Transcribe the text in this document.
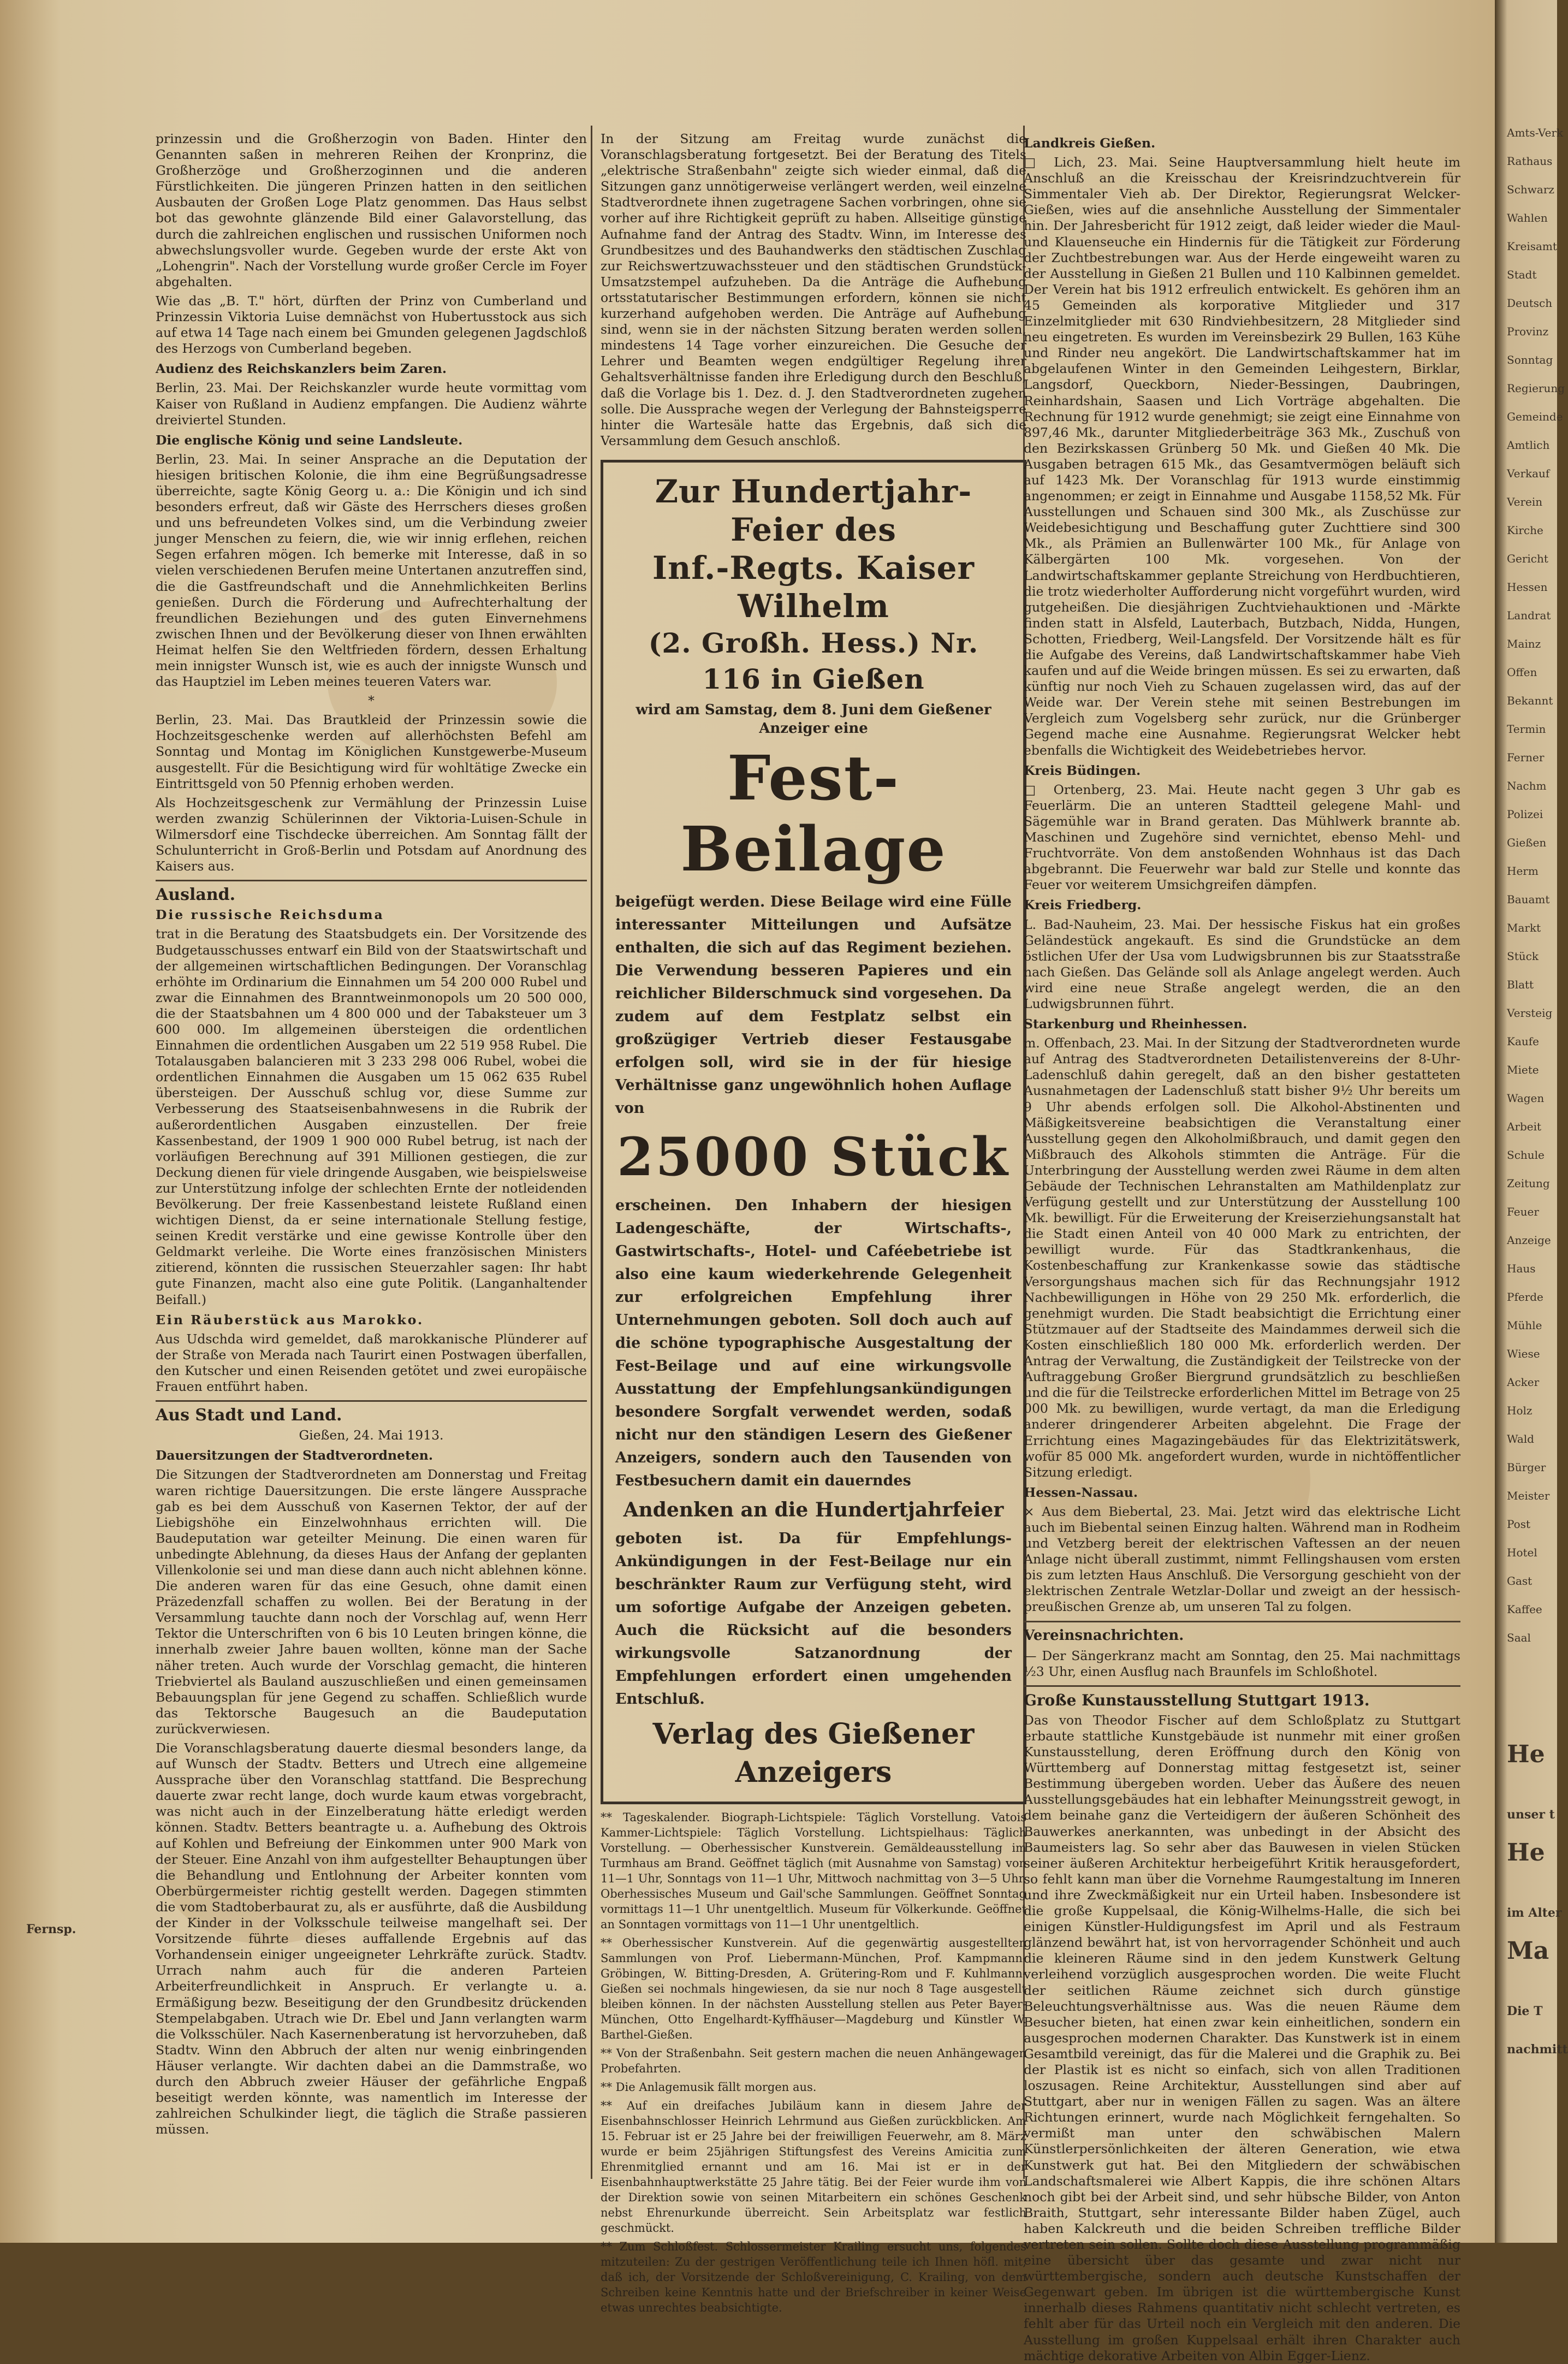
Fernsp.

prinzessin und die Großherzogin von Baden. Hinter den Genannten saßen in mehreren Reihen der Kronprinz, die Großherzöge und Großherzoginnen und die anderen Fürstlichkeiten. Die jüngeren Prinzen hatten in den seitlichen Ausbauten der Großen Loge Platz genommen. Das Haus selbst bot das gewohnte glänzende Bild einer Galavorstellung, das durch die zahlreichen englischen und russischen Uniformen noch abwechslungsvoller wurde. Gegeben wurde der erste Akt von „Lohengrin". Nach der Vorstellung wurde großer Cercle im Foyer abgehalten.

Wie das „B. T." hört, dürften der Prinz von Cumberland und Prinzessin Viktoria Luise demnächst von Hubertusstock aus sich auf etwa 14 Tage nach einem bei Gmunden gelegenen Jagdschloß des Herzogs von Cumberland begeben.

Audienz des Reichskanzlers beim Zaren.

Berlin, 23. Mai. Der Reichskanzler wurde heute vormittag vom Kaiser von Rußland in Audienz empfangen. Die Audienz währte dreiviertel Stunden.

Die englische König und seine Landsleute.

Berlin, 23. Mai. In seiner Ansprache an die Deputation der hiesigen britischen Kolonie, die ihm eine Begrüßungsadresse überreichte, sagte König Georg u. a.: Die Königin und ich sind besonders erfreut, daß wir Gäste des Herrschers dieses großen und uns befreundeten Volkes sind, um die Verbindung zweier junger Menschen zu feiern, die, wie wir innig erflehen, reichen Segen erfahren mögen. Ich bemerke mit Interesse, daß in so vielen verschiedenen Berufen meine Untertanen anzutreffen sind, die die Gastfreundschaft und die Annehmlichkeiten Berlins genießen. Durch die Förderung und Aufrechterhaltung der freundlichen Beziehungen und des guten Einvernehmens zwischen Ihnen und der Bevölkerung dieser von Ihnen erwählten Heimat helfen Sie den Weltfrieden fördern, dessen Erhaltung mein innigster Wunsch ist, wie es auch der innigste Wunsch und das Hauptziel im Leben meines teueren Vaters war.

*

Berlin, 23. Mai. Das Brautkleid der Prinzessin sowie die Hochzeitsgeschenke werden auf allerhöchsten Befehl am Sonntag und Montag im Königlichen Kunstgewerbe-Museum ausgestellt. Für die Besichtigung wird für wohltätige Zwecke ein Eintrittsgeld von 50 Pfennig erhoben werden.

Als Hochzeitsgeschenk zur Vermählung der Prinzessin Luise werden zwanzig Schülerinnen der Viktoria-Luisen-Schule in Wilmersdorf eine Tischdecke überreichen. Am Sonntag fällt der Schulunterricht in Groß-Berlin und Potsdam auf Anordnung des Kaisers aus.

Ausland.

Die russische Reichsduma

trat in die Beratung des Staatsbudgets ein. Der Vorsitzende des Budgetausschusses entwarf ein Bild von der Staatswirtschaft und der allgemeinen wirtschaftlichen Bedingungen. Der Voranschlag erhöhte im Ordinarium die Einnahmen um 54 200 000 Rubel und zwar die Einnahmen des Branntweinmonopols um 20 500 000, die der Staatsbahnen um 4 800 000 und der Tabaksteuer um 3 600 000. Im allgemeinen übersteigen die ordentlichen Einnahmen die ordentlichen Ausgaben um 22 519 958 Rubel. Die Totalausgaben balancieren mit 3 233 298 006 Rubel, wobei die ordentlichen Einnahmen die Ausgaben um 15 062 635 Rubel übersteigen. Der Ausschuß schlug vor, diese Summe zur Verbesserung des Staatseisenbahnwesens in die Rubrik der außerordentlichen Ausgaben einzustellen. Der freie Kassenbestand, der 1909 1 900 000 Rubel betrug, ist nach der vorläufigen Berechnung auf 391 Millionen gestiegen, die zur Deckung dienen für viele dringende Ausgaben, wie beispielsweise zur Unterstützung infolge der schlechten Ernte der notleidenden Bevölkerung. Der freie Kassenbestand leistete Rußland einen wichtigen Dienst, da er seine internationale Stellung festige, seinen Kredit verstärke und eine gewisse Kontrolle über den Geldmarkt verleihe. Die Worte eines französischen Ministers zitierend, könnten die russischen Steuerzahler sagen: Ihr habt gute Finanzen, macht also eine gute Politik. (Langanhaltender Beifall.)

Ein Räuberstück aus Marokko.

Aus Udschda wird gemeldet, daß marokkanische Plünderer auf der Straße von Merada nach Taurirt einen Postwagen überfallen, den Kutscher und einen Reisenden getötet und zwei europäische Frauen entführt haben.

Aus Stadt und Land.

Gießen, 24. Mai 1913.

Dauersitzungen der Stadtverordneten.

Die Sitzungen der Stadtverordneten am Donnerstag und Freitag waren richtige Dauersitzungen. Die erste längere Aussprache gab es bei dem Ausschuß von Kasernen Tektor, der auf der Liebigshöhe ein Einzelwohnhaus errichten will. Die Baudeputation war geteilter Meinung. Die einen waren für unbedingte Ablehnung, da dieses Haus der Anfang der geplanten Villenkolonie sei und man diese dann auch nicht ablehnen könne. Die anderen waren für das eine Gesuch, ohne damit einen Präzedenzfall schaffen zu wollen. Bei der Beratung in der Versammlung tauchte dann noch der Vorschlag auf, wenn Herr Tektor die Unterschriften von 6 bis 10 Leuten bringen könne, die innerhalb zweier Jahre bauen wollten, könne man der Sache näher treten. Auch wurde der Vorschlag gemacht, die hinteren Triebviertel als Bauland auszuschließen und einen gemeinsamen Bebauungsplan für jene Gegend zu schaffen. Schließlich wurde das Tektorsche Baugesuch an die Baudeputation zurückverwiesen.

Die Voranschlagsberatung dauerte diesmal besonders lange, da auf Wunsch der Stadtv. Betters und Utrech eine allgemeine Aussprache über den Voranschlag stattfand. Die Besprechung dauerte zwar recht lange, doch wurde kaum etwas vorgebracht, was nicht auch in der Einzelberatung hätte erledigt werden können. Stadtv. Betters beantragte u. a. Aufhebung des Oktrois auf Kohlen und Befreiung der Einkommen unter 900 Mark von der Steuer. Eine Anzahl von ihm aufgestellter Behauptungen über die Behandlung und Entlohnung der Arbeiter konnten vom Oberbürgermeister richtig gestellt werden. Dagegen stimmten die vom Stadtoberbaurat zu, als er ausführte, daß die Ausbildung der Kinder in der Volksschule teilweise mangelhaft sei. Der Vorsitzende führte dieses auffallende Ergebnis auf das Vorhandensein einiger ungeeigneter Lehrkräfte zurück. Stadtv. Urrach nahm auch für die anderen Parteien Arbeiterfreundlichkeit in Anspruch. Er verlangte u. a. Ermäßigung bezw. Beseitigung der den Grundbesitz drückenden Stempelabgaben. Utrach wie Dr. Ebel und Jann verlangten warm die Volksschüler. Nach Kasernenberatung ist hervorzuheben, daß Stadtv. Winn den Abbruch der alten nur wenig einbringenden Häuser verlangte. Wir dachten dabei an die Dammstraße, wo durch den Abbruch zweier Häuser der gefährliche Engpaß beseitigt werden könnte, was namentlich im Interesse der zahlreichen Schulkinder liegt, die täglich die Straße passieren müssen.

In der Sitzung am Freitag wurde zunächst die Voranschlagsberatung fortgesetzt. Bei der Beratung des Titels „elektrische Straßenbahn" zeigte sich wieder einmal, daß die Sitzungen ganz unnötigerweise verlängert werden, weil einzelne Stadtverordnete ihnen zugetragene Sachen vorbringen, ohne sie vorher auf ihre Richtigkeit geprüft zu haben. Allseitige günstige Aufnahme fand der Antrag des Stadtv. Winn, im Interesse des Grundbesitzes und des Bauhandwerks den städtischen Zuschlag zur Reichswertzuwachssteuer und den städtischen Grundstück-Umsatzstempel aufzuheben. Da die Anträge die Aufhebung ortsstatutarischer Bestimmungen erfordern, können sie nicht kurzerhand aufgehoben werden. Die Anträge auf Aufhebung sind, wenn sie in der nächsten Sitzung beraten werden sollen, mindestens 14 Tage vorher einzureichen. Die Gesuche der Lehrer und Beamten wegen endgültiger Regelung ihrer Gehaltsverhältnisse fanden ihre Erledigung durch den Beschluß, daß die Vorlage bis 1. Dez. d. J. den Stadtverordneten zugehen solle. Die Aussprache wegen der Verlegung der Bahnsteigsperre hinter die Wartesäle hatte das Ergebnis, daß sich die Versammlung dem Gesuch anschloß.

Zur Hundertjahr-Feier des
Inf.-Regts. Kaiser Wilhelm
(2. Großh. Hess.) Nr. 116 in Gießen
wird am Samstag, dem 8. Juni dem Gießener Anzeiger eine
Fest-Beilage
beigefügt werden. Diese Beilage wird eine Fülle interessanter Mitteilungen und Aufsätze enthalten, die sich auf das Regiment beziehen. Die Verwendung besseren Papieres und ein reichlicher Bilderschmuck sind vorgesehen. Da zudem auf dem Festplatz selbst ein großzügiger Vertrieb dieser Festausgabe erfolgen soll, wird sie in der für hiesige Verhältnisse ganz ungewöhnlich hohen Auflage von
25000 Stück
erscheinen. Den Inhabern der hiesigen Ladengeschäfte, der Wirtschafts-, Gastwirtschafts-, Hotel- und Caféebetriebe ist also eine kaum wiederkehrende Gelegenheit zur erfolgreichen Empfehlung ihrer Unternehmungen geboten. Soll doch auch auf die schöne typographische Ausgestaltung der Fest-Beilage und auf eine wirkungsvolle Ausstattung der Empfehlungsankündigungen besondere Sorgfalt verwendet werden, sodaß nicht nur den ständigen Lesern des Gießener Anzeigers, sondern auch den Tausenden von Festbesuchern damit ein dauerndes
Andenken an die Hundertjahrfeier
geboten ist. Da für Empfehlungs-Ankündigungen in der Fest-Beilage nur ein beschränkter Raum zur Verfügung steht, wird um sofortige Aufgabe der Anzeigen gebeten. Auch die Rücksicht auf die besonders wirkungsvolle Satzanordnung der Empfehlungen erfordert einen umgehenden Entschluß.
Verlag des Gießener Anzeigers

** Tageskalender. Biograph-Lichtspiele: Täglich Vorstellung. Vatois Kammer-Lichtspiele: Täglich Vorstellung. Lichtspielhaus: Täglich Vorstellung. — Oberhessischer Kunstverein. Gemäldeausstellung im Turmhaus am Brand. Geöffnet täglich (mit Ausnahme von Samstag) von 11—1 Uhr, Sonntags von 11—1 Uhr, Mittwoch nachmittag von 3—5 Uhr. Oberhessisches Museum und Gail'sche Sammlungen. Geöffnet Sonntag vormittags 11—1 Uhr unentgeltlich. Museum für Völkerkunde. Geöffnet an Sonntagen vormittags von 11—1 Uhr unentgeltlich.

** Oberhessischer Kunstverein. Auf die gegenwärtig ausgestellten Sammlungen von Prof. Liebermann-München, Prof. Kampmann-Gröbingen, W. Bitting-Dresden, A. Grütering-Rom und F. Kuhlmann-Gießen sei nochmals hingewiesen, da sie nur noch 8 Tage ausgestellt bleiben können. In der nächsten Ausstellung stellen aus Peter Bayer-München, Otto Engelhardt-Kyffhäuser—Magdeburg und Künstler W. Barthel-Gießen.

** Von der Straßenbahn. Seit gestern machen die neuen Anhängewagen Probefahrten.

** Die Anlagemusik fällt morgen aus.

** Auf ein dreifaches Jubiläum kann in diesem Jahre der Eisenbahnschlosser Heinrich Lehrmund aus Gießen zurückblicken. Am 15. Februar ist er 25 Jahre bei der freiwilligen Feuerwehr, am 8. März wurde er beim 25jährigen Stiftungsfest des Vereins Amicitia zum Ehrenmitglied ernannt und am 16. Mai ist er in der Eisenbahnhauptwerkstätte 25 Jahre tätig. Bei der Feier wurde ihm von der Direktion sowie von seinen Mitarbeitern ein schönes Geschenk nebst Ehrenurkunde überreicht. Sein Arbeitsplatz war festlich geschmückt.

** Zum Schloßfest. Schlossermeister Krailing ersucht uns, folgendes mitzuteilen: Zu der gestrigen Veröffentlichung teile ich Ihnen höfl. mit, daß ich, der Vorsitzende der Schloßvereinigung, C. Krailing, von dem Schreiben keine Kenntnis hatte und der Briefschreiber in keiner Weise etwas unrechtes beabsichtigte.

Landkreis Gießen.

□ Lich, 23. Mai. Seine Hauptversammlung hielt heute im Anschluß an die Kreisschau der Kreisrindzuchtverein für Simmentaler Vieh ab. Der Direktor, Regierungsrat Welcker-Gießen, wies auf die ansehnliche Ausstellung der Simmentaler hin. Der Jahresbericht für 1912 zeigt, daß leider wieder die Maul- und Klauenseuche ein Hindernis für die Tätigkeit zur Förderung der Zuchtbestrebungen war. Aus der Herde eingeweiht waren zu der Ausstellung in Gießen 21 Bullen und 110 Kalbinnen gemeldet. Der Verein hat bis 1912 erfreulich entwickelt. Es gehören ihm an 45 Gemeinden als korporative Mitglieder und 317 Einzelmitglieder mit 630 Rindviehbesitzern, 28 Mitglieder sind neu eingetreten. Es wurden im Vereinsbezirk 29 Bullen, 163 Kühe und Rinder neu angekört. Die Landwirtschaftskammer hat im abgelaufenen Winter in den Gemeinden Leihgestern, Birklar, Langsdorf, Queckborn, Nieder-Bessingen, Daubringen, Reinhardshain, Saasen und Lich Vorträge abgehalten. Die Rechnung für 1912 wurde genehmigt; sie zeigt eine Einnahme von 897,46 Mk., darunter Mitgliederbeiträge 363 Mk., Zuschuß von den Bezirkskassen Grünberg 50 Mk. und Gießen 40 Mk. Die Ausgaben betragen 615 Mk., das Gesamtvermögen beläuft sich auf 1423 Mk. Der Voranschlag für 1913 wurde einstimmig angenommen; er zeigt in Einnahme und Ausgabe 1158,52 Mk. Für Ausstellungen und Schauen sind 300 Mk., als Zuschüsse zur Weidebesichtigung und Beschaffung guter Zuchttiere sind 300 Mk., als Prämien an Bullenwärter 100 Mk., für Anlage von Kälbergärten 100 Mk. vorgesehen. Von der Landwirtschaftskammer geplante Streichung von Herdbuchtieren, die trotz wiederholter Aufforderung nicht vorgeführt wurden, wird gutgeheißen. Die diesjährigen Zuchtviehauktionen und -Märkte finden statt in Alsfeld, Lauterbach, Butzbach, Nidda, Hungen, Schotten, Friedberg, Weil-Langsfeld. Der Vorsitzende hält es für die Aufgabe des Vereins, daß Landwirtschaftskammer habe Vieh kaufen und auf die Weide bringen müssen. Es sei zu erwarten, daß künftig nur noch Vieh zu Schauen zugelassen wird, das auf der Weide war. Der Verein stehe mit seinen Bestrebungen im Vergleich zum Vogelsberg sehr zurück, nur die Grünberger Gegend mache eine Ausnahme. Regierungsrat Welcker hebt ebenfalls die Wichtigkeit des Weidebetriebes hervor.

Kreis Büdingen.

□ Ortenberg, 23. Mai. Heute nacht gegen 3 Uhr gab es Feuerlärm. Die an unteren Stadtteil gelegene Mahl- und Sägemühle war in Brand geraten. Das Mühlwerk brannte ab. Maschinen und Zugehöre sind vernichtet, ebenso Mehl- und Fruchtvorräte. Von dem anstoßenden Wohnhaus ist das Dach abgebrannt. Die Feuerwehr war bald zur Stelle und konnte das Feuer vor weiterem Umsichgreifen dämpfen.

Kreis Friedberg.

L. Bad-Nauheim, 23. Mai. Der hessische Fiskus hat ein großes Geländestück angekauft. Es sind die Grundstücke an dem östlichen Ufer der Usa vom Ludwigsbrunnen bis zur Staatsstraße nach Gießen. Das Gelände soll als Anlage angelegt werden. Auch wird eine neue Straße angelegt werden, die an den Ludwigsbrunnen führt.

Starkenburg und Rheinhessen.

m. Offenbach, 23. Mai. In der Sitzung der Stadtverordneten wurde auf Antrag des Stadtverordneten Detailistenvereins der 8-Uhr-Ladenschluß dahin geregelt, daß an den bisher gestatteten Ausnahmetagen der Ladenschluß statt bisher 9½ Uhr bereits um 9 Uhr abends erfolgen soll. Die Alkohol-Abstinenten und Mäßigkeitsvereine beabsichtigen die Veranstaltung einer Ausstellung gegen den Alkoholmißbrauch, und damit gegen den Mißbrauch des Alkohols stimmten die Anträge. Für die Unterbringung der Ausstellung werden zwei Räume in dem alten Gebäude der Technischen Lehranstalten am Mathildenplatz zur Verfügung gestellt und zur Unterstützung der Ausstellung 100 Mk. bewilligt. Für die Erweiterung der Kreiserziehungsanstalt hat die Stadt einen Anteil von 40 000 Mark zu entrichten, der bewilligt wurde. Für das Stadtkrankenhaus, die Kostenbeschaffung zur Krankenkasse sowie das städtische Versorgungshaus machen sich für das Rechnungsjahr 1912 Nachbewilligungen in Höhe von 29 250 Mk. erforderlich, die genehmigt wurden. Die Stadt beabsichtigt die Errichtung einer Stützmauer auf der Stadtseite des Maindammes derweil sich die Kosten einschließlich 180 000 Mk. erforderlich werden. Der Antrag der Verwaltung, die Zuständigkeit der Teilstrecke von der Auftraggebung Großer Biergrund grundsätzlich zu beschließen und die für die Teilstrecke erforderlichen Mittel im Betrage von 25 000 Mk. zu bewilligen, wurde vertagt, da man die Erledigung anderer dringenderer Arbeiten abgelehnt. Die Frage der Errichtung eines Magazingebäudes für das Elektrizitätswerk, wofür 85 000 Mk. angefordert wurden, wurde in nichtöffentlicher Sitzung erledigt.

Hessen-Nassau.

× Aus dem Biebertal, 23. Mai. Jetzt wird das elektrische Licht auch im Biebental seinen Einzug halten. Während man in Rodheim und Vetzberg bereit der elektrischen Vaftessen an der neuen Anlage nicht überall zustimmt, nimmt Fellingshausen vom ersten bis zum letzten Haus Anschluß. Die Versorgung geschieht von der elektrischen Zentrale Wetzlar-Dollar und zweigt an der hessisch-preußischen Grenze ab, um unseren Tal zu folgen.

Vereinsnachrichten.

— Der Sängerkranz macht am Sonntag, den 25. Mai nachmittags ½3 Uhr, einen Ausflug nach Braunfels im Schloßhotel.

Große Kunstausstellung Stuttgart 1913.

Das von Theodor Fischer auf dem Schloßplatz zu Stuttgart erbaute stattliche Kunstgebäude ist nunmehr mit einer großen Kunstausstellung, deren Eröffnung durch den König von Württemberg auf Donnerstag mittag festgesetzt ist, seiner Bestimmung übergeben worden. Ueber das Äußere des neuen Ausstellungsgebäudes hat ein lebhafter Meinungsstreit gewogt, in dem beinahe ganz die Verteidigern der äußeren Schönheit des Bauwerkes anerkannten, was unbedingt in der Absicht des Baumeisters lag. So sehr aber das Bauwesen in vielen Stücken seiner äußeren Architektur herbeigeführt Kritik herausgefordert, so fehlt kann man über die Vornehme Raumgestaltung im Inneren und ihre Zweckmäßigkeit nur ein Urteil haben. Insbesondere ist die große Kuppelsaal, die König-Wilhelms-Halle, die sich bei einigen Künstler-Huldigungsfest im April und als Festraum glänzend bewährt hat, ist von hervorragender Schönheit und auch die kleineren Räume sind in den jedem Kunstwerk Geltung verleihend vorzüglich ausgesprochen worden. Die weite Flucht der seitlichen Räume zeichnet sich durch günstige Beleuchtungsverhältnisse aus. Was die neuen Räume dem Besucher bieten, hat einen zwar kein einheitlichen, sondern ein ausgesprochen modernen Charakter. Das Kunstwerk ist in einem Gesamtbild vereinigt, das für die Malerei und die Graphik zu. Bei der Plastik ist es nicht so einfach, sich von allen Traditionen loszusagen. Reine Architektur, Ausstellungen sind aber auf Stuttgart, aber nur in wenigen Fällen zu sagen. Was an ältere Richtungen erinnert, wurde nach Möglichkeit ferngehalten. So vermißt man unter den schwäbischen Malern Künstlerpersönlichkeiten der älteren Generation, wie etwa Kunstwerk gut hat. Bei den Mitgliedern der schwäbischen Landschaftsmalerei wie Albert Kappis, die ihre schönen Altars noch gibt bei der Arbeit sind, und sehr hübsche Bilder, von Anton Braith, Stuttgart, sehr interessante Bilder haben Zügel, auch haben Kalckreuth und die beiden Schreiben treffliche Bilder vertreten sein sollen. Sollte doch diese Ausstellung programmäßig eine übersicht über das gesamte und zwar nicht nur württembergische, sondern auch deutsche Kunstschaffen der Gegenwart geben. Im übrigen ist die württembergische Kunst innerhalb dieses Rahmens quantitativ nicht schlecht vertreten, es fehlt aber für das Urteil noch ein Vergleich mit den anderen. Die Ausstellung im großen Kuppelsaal erhält ihren Charakter auch mächtige dekorative Arbeiten von Albin Egger-Lienz.

Amts-Verk
Rathaus
Schwarz
Wahlen
Kreisamt
Stadt
Deutsch
Provinz
Sonntag
Regierung
Gemeinde
Amtlich
Verkauf
Verein
Kirche
Gericht
Hessen
Landrat
Mainz
Offen
Bekannt
Termin
Ferner
Nachm
Polizei
Gießen
Herm
Bauamt
Markt
Stück
Blatt
Versteig
Kaufe
Miete
Wagen
Arbeit
Schule
Zeitung
Feuer
Anzeige
Haus
Pferde
Mühle
Wiese
Acker
Holz
Wald
Bürger
Meister
Post
Hotel
Gast
Kaffee
Saal
He
unser t
He
im Alter
Ma
Die T
nachmitt
